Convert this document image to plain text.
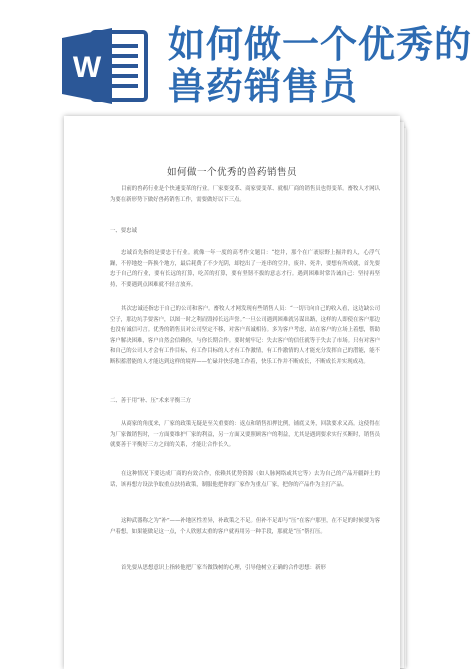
W
如何做一个优秀的
兽药销售员

如何做一个优秀的兽药销售员

目前的兽药行业是个快速变革的行业。厂家要变革、商家要变革、就根厂商的销售员也得变革。畜牧人才网认为要在新形势下做好兽药销售工作，需要做好以下三点。

一、要忠诚

忠诚首先指的是要忠于行业。就像一年一度的高考作文题目：“挖井，那个在广袤原野上掘井的人，心浮气躁，不停地挖一阵换个地方，最后耗费了不少光阴，却挖出了一连串的空井，废井、死井，要想有所成就，首先要忠于自己的行业，要有长远的打算，吃苦的打算，要有坚韧不拔的意志才行。遇到困难时常告诫自己：坚持再坚持，不要遇到点困难就不轻言放弃。

其次忠诚还指忠于自己的公司和客户。畜牧人才网发现有些销售人员：“一切只向自己的收入看，这边缺公司空子，那边坑手要客户，以图一时之利而毁掉长远声誉。”一旦公司遇到困难就另谋出路，这样的人即使在客户那边也没有诚信可言。优秀的销售员对公司坚定不移，对客户真诚相待。多为客户考虑，站在客户的立场上着想，帮助客户解决困难，客户自然会信赖你，与你长期合作。要时刻牢记：失去客户的信任就等于失去了市场。只有对客户和自己的公司人才会有工作目标，有工作目标的人才有工作激情，有工作激情的人才能充分发挥自己的潜能，能不断积蓄潜能的人才能达到这样的境界——忙碌并快乐地工作着，快乐工作并不断成长，不断成长并实现成功。

二、善于用“补、压”术来平衡三方

从商家的角度来，厂家的政策无疑是至关重要的：返点和销售扣押比例，铺底义务，回款要求又高。这使得在为厂家做销售时，一方面要维护厂家的利益，另一方面又要照顾客户的利益，尤其是遇到要求实行买断时，销售员就要善于平衡好三方之间的关系，才能让合作长久。

在这种情况下要达成厂商的有效合作，依赖其优势资源（如人脉网络或其它等）去为自己的产品开疆辟土的话，该再想方设法争取重点扶持政策，制服他把你的厂家作为重点厂家，把你的产品作为主打产品。

这种武器称之为“补”——补地区性差异，补政策之不足。但补不足却与“压”在客户那里，在不足的时候要为客户着想，如果能做足这一点，个人欣慰太重的客户就再用另一种手段，那就是“压”帮打压。

首先要从思想意识上指转他把厂家当做钱树的心理，引导他树立正确的合作思想：新形
